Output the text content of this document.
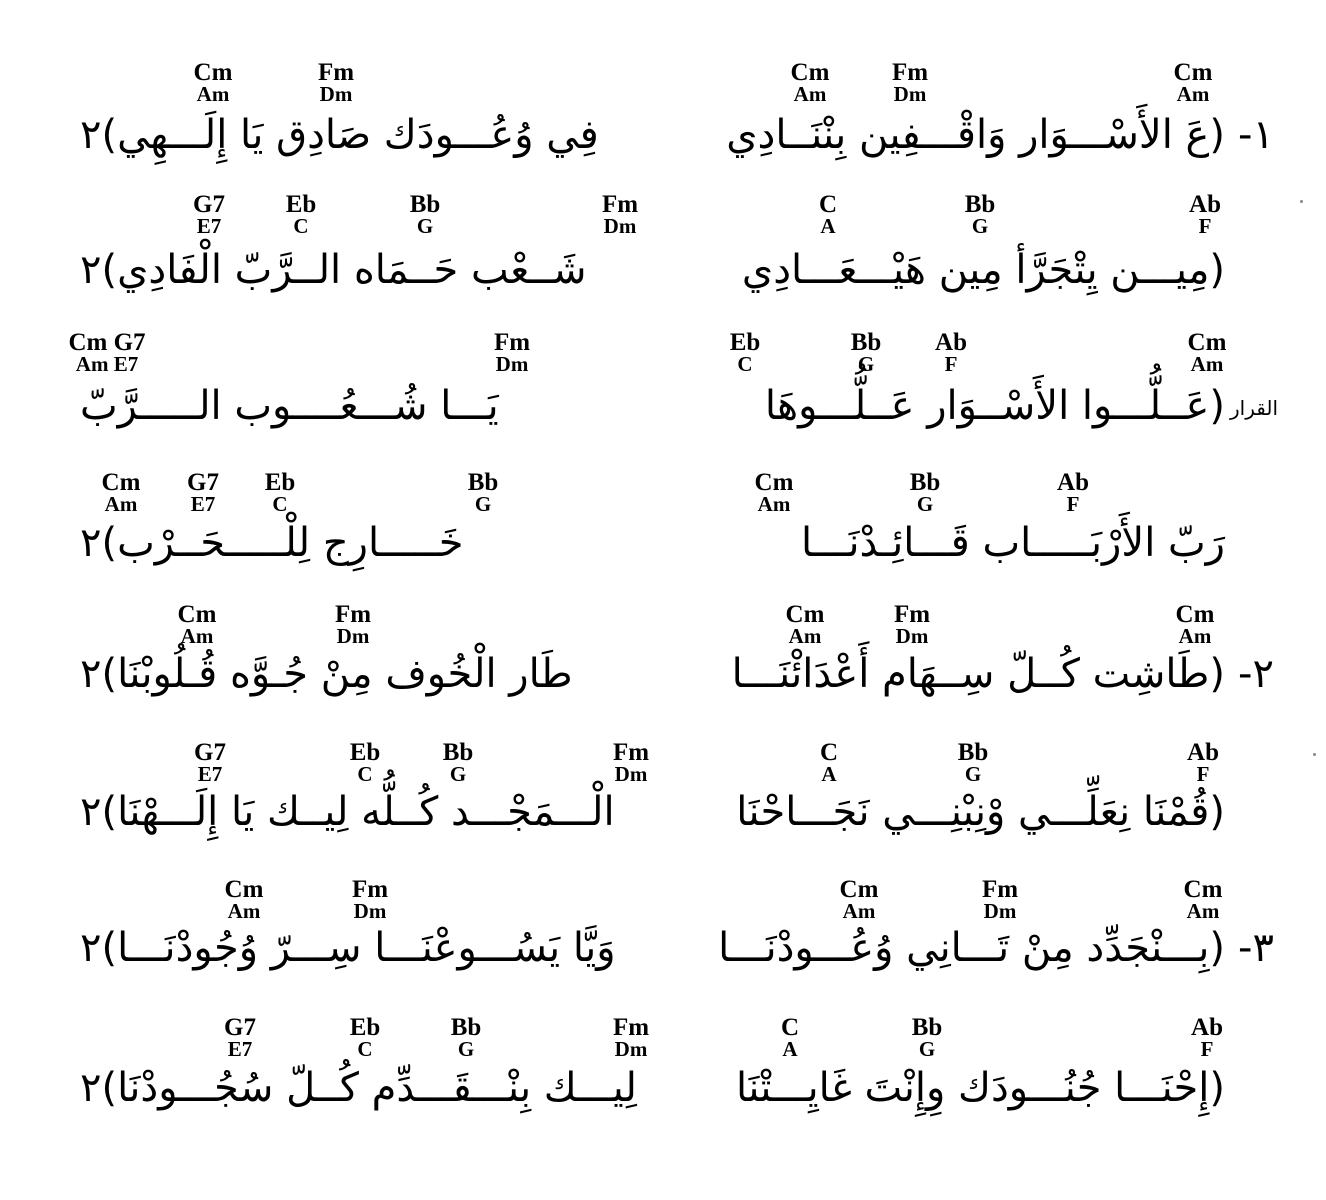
Cm
Am
Fm
Dm
Cm
Am
(عَ الأَسْـــوَار وَاقْـــفِين بِنْنَــادِي
Cm
Am
Fm
Dm
فِي وُعُـــودَك صَادِق يَا إِلَـــهِي)٢	١-
C
A
Bb
G
Ab
F
(مِيـــن يِتْجَرَّأ مِين هَيْـــعَـــادِي
G7
E7
Eb
C
Bb
G
Fm
Dm
شَــعْب حَــمَاه الــرَّبّ الْفَادِي)٢
Eb
C
Bb
G
Ab
F
Cm
Am
(عَــلُّـــوا الأَسْــوَار عَــلُّـــوهَا
Cm G7
Am E7
Fm
Dm
يَـــا شُـــعُــــوب الـــــرَّبّ	القرار
Cm
Am
Bb
G
Ab
F
رَبّ الأَرْبَـــــاب قَـــائِـدْنَـــا
Cm
Am
G7
E7
Eb
C
Bb
G
خَـــــارِج لِلْـــــحَــرْب)٢
Cm
Am
Fm
Dm
Cm
Am
(طَاشِت كُــلّ سِــهَام أَعْدَائْنَـــا
Cm
Am
Fm
Dm
طَار الْخُوف مِنْ جُـوَّه قُـلُوبْنَا)٢	٢-
C
A
Bb
G
Ab
F
(قُمْنَا نِعَلِّـــي وْنِبْنِـــي نَجَـــاحْنَا
G7
E7
Eb
C
Bb
G
Fm
Dm
الْـــمَجْـــد كُــلُّه لِيــك يَا إِلَـــهْنَا)٢
Cm
Am
Fm
Dm
Cm
Am
(بِـــنْجَدِّد مِنْ تَـــانِي وُعُـــودْنَـــا
Cm
Am
Fm
Dm
وَيَّا يَسُـــوعْنَـــا سِـــرّ وُجُودْنَـــا)٢	٣-
C
A
Bb
G
Ab
F
(إِحْنَـــا جُنُـــودَك وِإِنْتَ غَايِـــتْنَا
G7
E7
Eb
C
Bb
G
Fm
Dm
لِيـــك بِنْـــقَـــدِّم كُــلّ سُجُـــودْنَا)٢
